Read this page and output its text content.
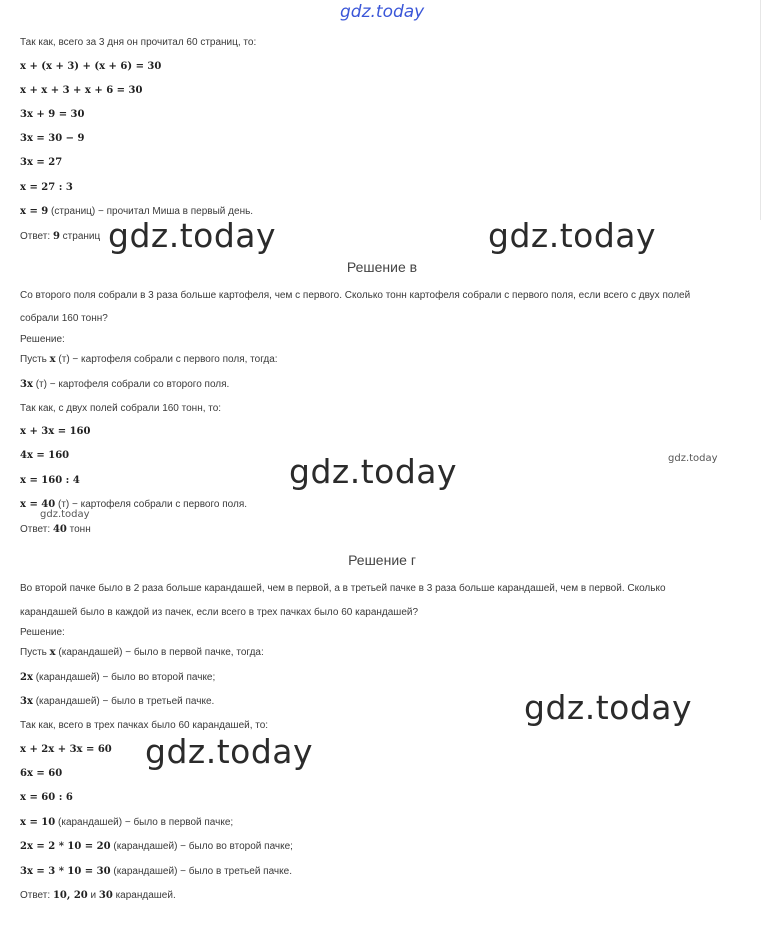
gdz.today
Так как, всего за 3 дня он прочитал 60 страниц, то:
x + (x + 3) + (x + 6) = 30
x + x + 3 + x + 6 = 30
3x + 9 = 30
3x = 30 − 9
3x = 27
x = 27 : 3
x = 9 (страниц) − прочитал Миша в первый день.
Ответ: 9 страниц
Решение в
Со второго поля собрали в 3 раза больше картофеля, чем с первого. Сколько тонн картофеля собрали с первого поля, если всего с двух полей
собрали 160 тонн?
Решение:
Пусть x (т) − картофеля собрали с первого поля, тогда:
3x (т) − картофеля собрали со второго поля.
Так как, с двух полей собрали 160 тонн, то:
x + 3x = 160
4x = 160
x = 160 : 4
x = 40 (т) − картофеля собрали с первого поля.
Ответ: 40 тонн
Решение г
Во второй пачке было в 2 раза больше карандашей, чем в первой, а в третьей пачке в 3 раза больше карандашей, чем в первой. Сколько
карандашей было в каждой из пачек, если всего в трех пачках было 60 карандашей?
Решение:
Пусть x (карандашей) − было в первой пачке, тогда:
2x (карандашей) − было во второй пачке;
3x (карандашей) − было в третьей пачке.
Так как, всего в трех пачках было 60 карандашей, то:
x + 2x + 3x = 60
6x = 60
x = 60 : 6
x = 10 (карандашей) − было в первой пачке;
2x = 2 * 10 = 20 (карандашей) − было во второй пачке;
3x = 3 * 10 = 30 (карандашей) − было в третьей пачке.
Ответ: 10, 20 и 30 карандашей.
gdz.today	gdz.today
gdz.today
gdz.today
gdz.today
gdz.today
gdz.today
